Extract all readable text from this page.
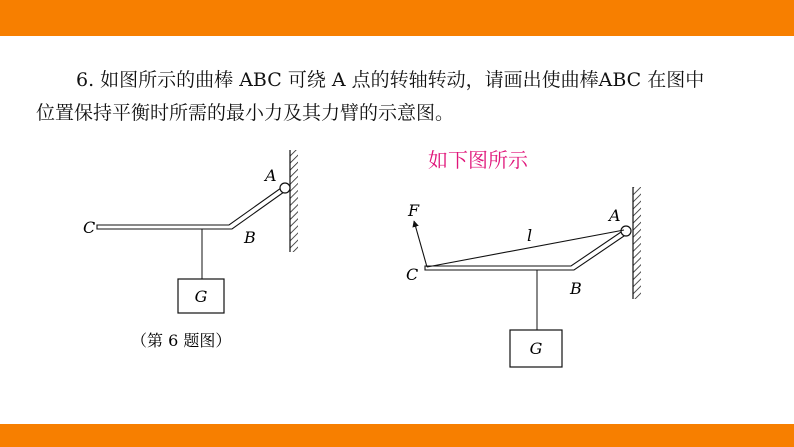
6. 如图所示的曲棒 ABC 可绕 A 点的转轴转动，请画出使曲棒ABC 在图中
位置保持平衡时所需的最小力及其力臂的示意图。

如下图所示
C
B
A
G
（第 6 题图）
F
l
A
C
B
G
